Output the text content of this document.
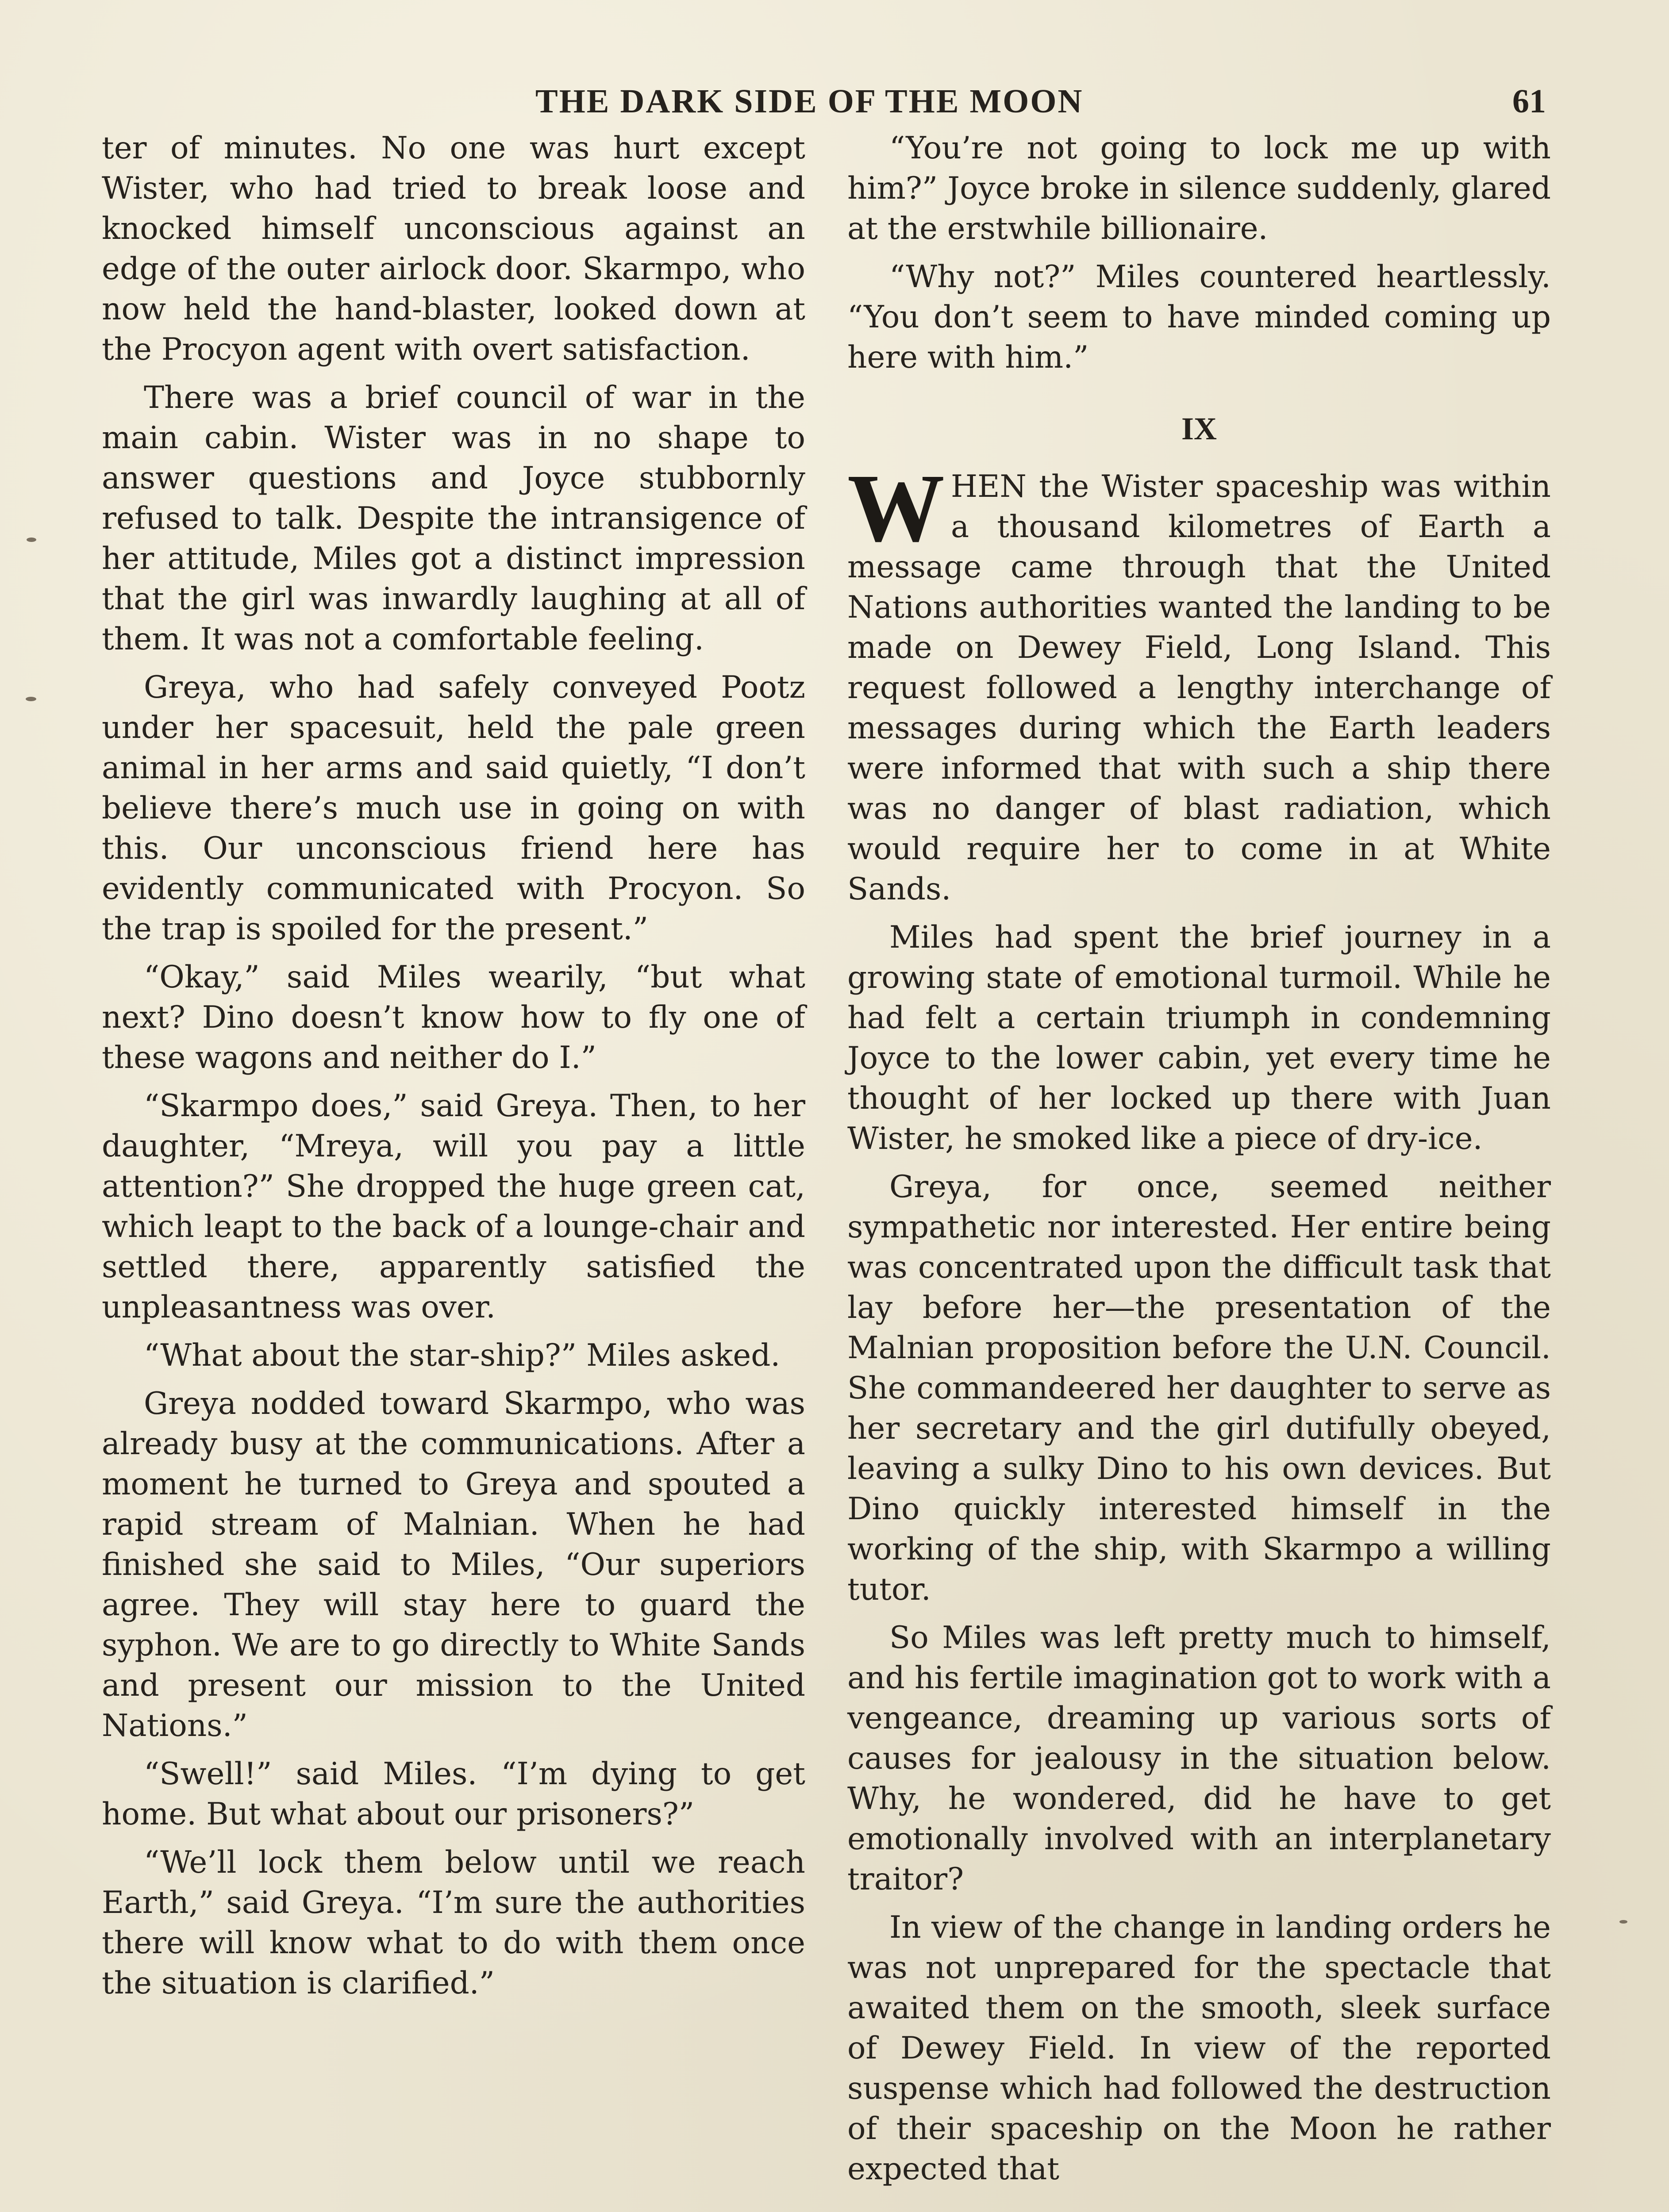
THE DARK SIDE OF THE MOON	61

ter of minutes. No one was hurt except Wister, who had tried to break loose and knocked himself unconscious against an edge of the outer airlock door. Skarmpo, who now held the hand-blaster, looked down at the Procyon agent with overt satisfaction.

There was a brief council of war in the main cabin. Wister was in no shape to answer questions and Joyce stubbornly refused to talk. Despite the intransigence of her attitude, Miles got a distinct impression that the girl was inwardly laughing at all of them. It was not a comfortable feeling.

Greya, who had safely conveyed Pootz under her spacesuit, held the pale green animal in her arms and said quietly, “I don’t believe there’s much use in going on with this. Our unconscious friend here has evidently communicated with Procyon. So the trap is spoiled for the present.”

“Okay,” said Miles wearily, “but what next? Dino doesn’t know how to fly one of these wagons and neither do I.”

“Skarmpo does,” said Greya. Then, to her daughter, “Mreya, will you pay a little attention?” She dropped the huge green cat, which leapt to the back of a lounge-chair and settled there, apparently satisfied the unpleasantness was over.

“What about the star-ship?” Miles asked.

Greya nodded toward Skarmpo, who was already busy at the communications. After a moment he turned to Greya and spouted a rapid stream of Malnian. When he had finished she said to Miles, “Our superiors agree. They will stay here to guard the syphon. We are to go directly to White Sands and present our mission to the United Nations.”

“Swell!” said Miles. “I’m dying to get home. But what about our prisoners?”

“We’ll lock them below until we reach Earth,” said Greya. “I’m sure the authorities there will know what to do with them once the situation is clarified.”

“You’re not going to lock me up with him?” Joyce broke in silence suddenly, glared at the erstwhile billionaire.

“Why not?” Miles countered heartlessly. “You don’t seem to have minded coming up here with him.”

IX

WHEN the Wister spaceship was within a thousand kilometres of Earth a message came through that the United Nations authorities wanted the landing to be made on Dewey Field, Long Island. This request followed a lengthy interchange of messages during which the Earth leaders were informed that with such a ship there was no danger of blast radiation, which would require her to come in at White Sands.

Miles had spent the brief journey in a growing state of emotional turmoil. While he had felt a certain triumph in condemning Joyce to the lower cabin, yet every time he thought of her locked up there with Juan Wister, he smoked like a piece of dry-ice.

Greya, for once, seemed neither sympathetic nor interested. Her entire being was concentrated upon the difficult task that lay before her—the presentation of the Malnian proposition before the U.N. Council. She commandeered her daughter to serve as her secretary and the girl dutifully obeyed, leaving a sulky Dino to his own devices. But Dino quickly interested himself in the working of the ship, with Skarmpo a willing tutor.

So Miles was left pretty much to himself, and his fertile imagination got to work with a vengeance, dreaming up various sorts of causes for jealousy in the situation below. Why, he wondered, did he have to get emotionally involved with an interplanetary traitor?

In view of the change in landing orders he was not unprepared for the spectacle that awaited them on the smooth, sleek surface of Dewey Field. In view of the reported suspense which had followed the destruction of their spaceship on the Moon he rather expected that
